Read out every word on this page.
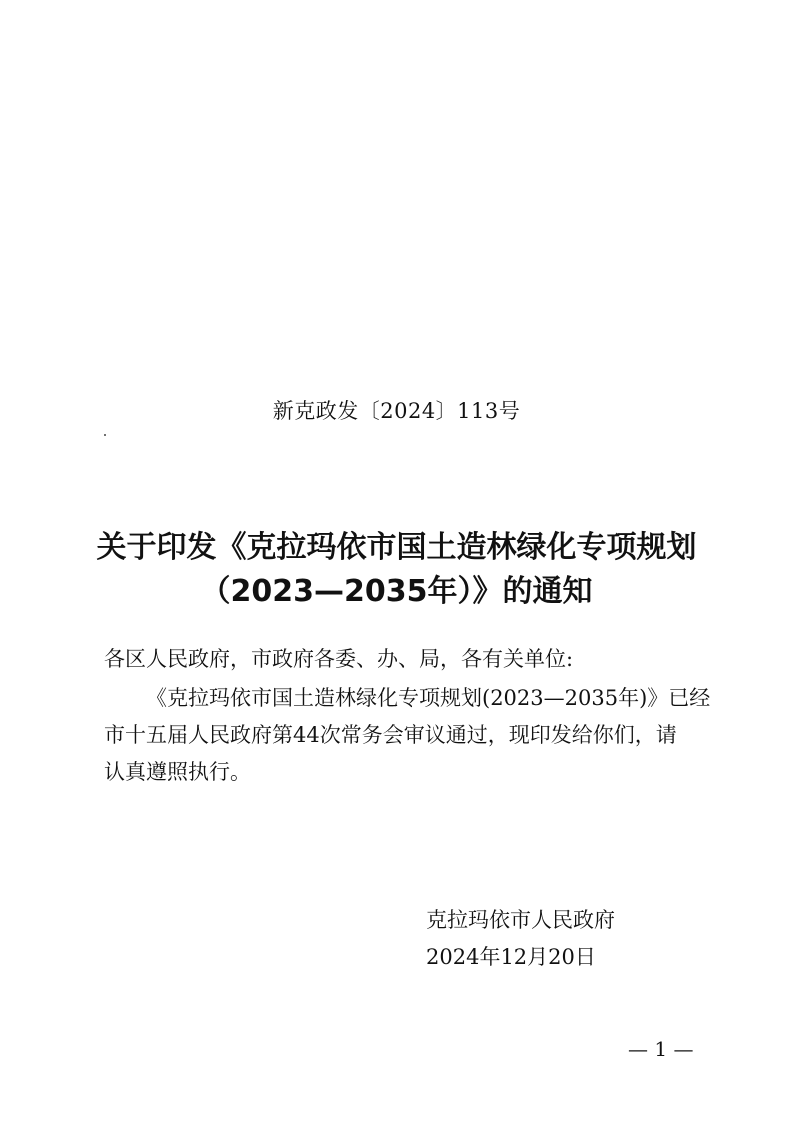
新克政发〔2024〕113号
关于印发《克拉玛依市国土造林绿化专项规划
（2023—2035年）》的通知
各区人民政府，市政府各委、办、局，各有关单位:
《克拉玛依市国土造林绿化专项规划(2023—2035年)》已经
市十五届人民政府第44次常务会审议通过，现印发给你们，请
认真遵照执行。
克拉玛依市人民政府
2024年12月20日
— 1 —
